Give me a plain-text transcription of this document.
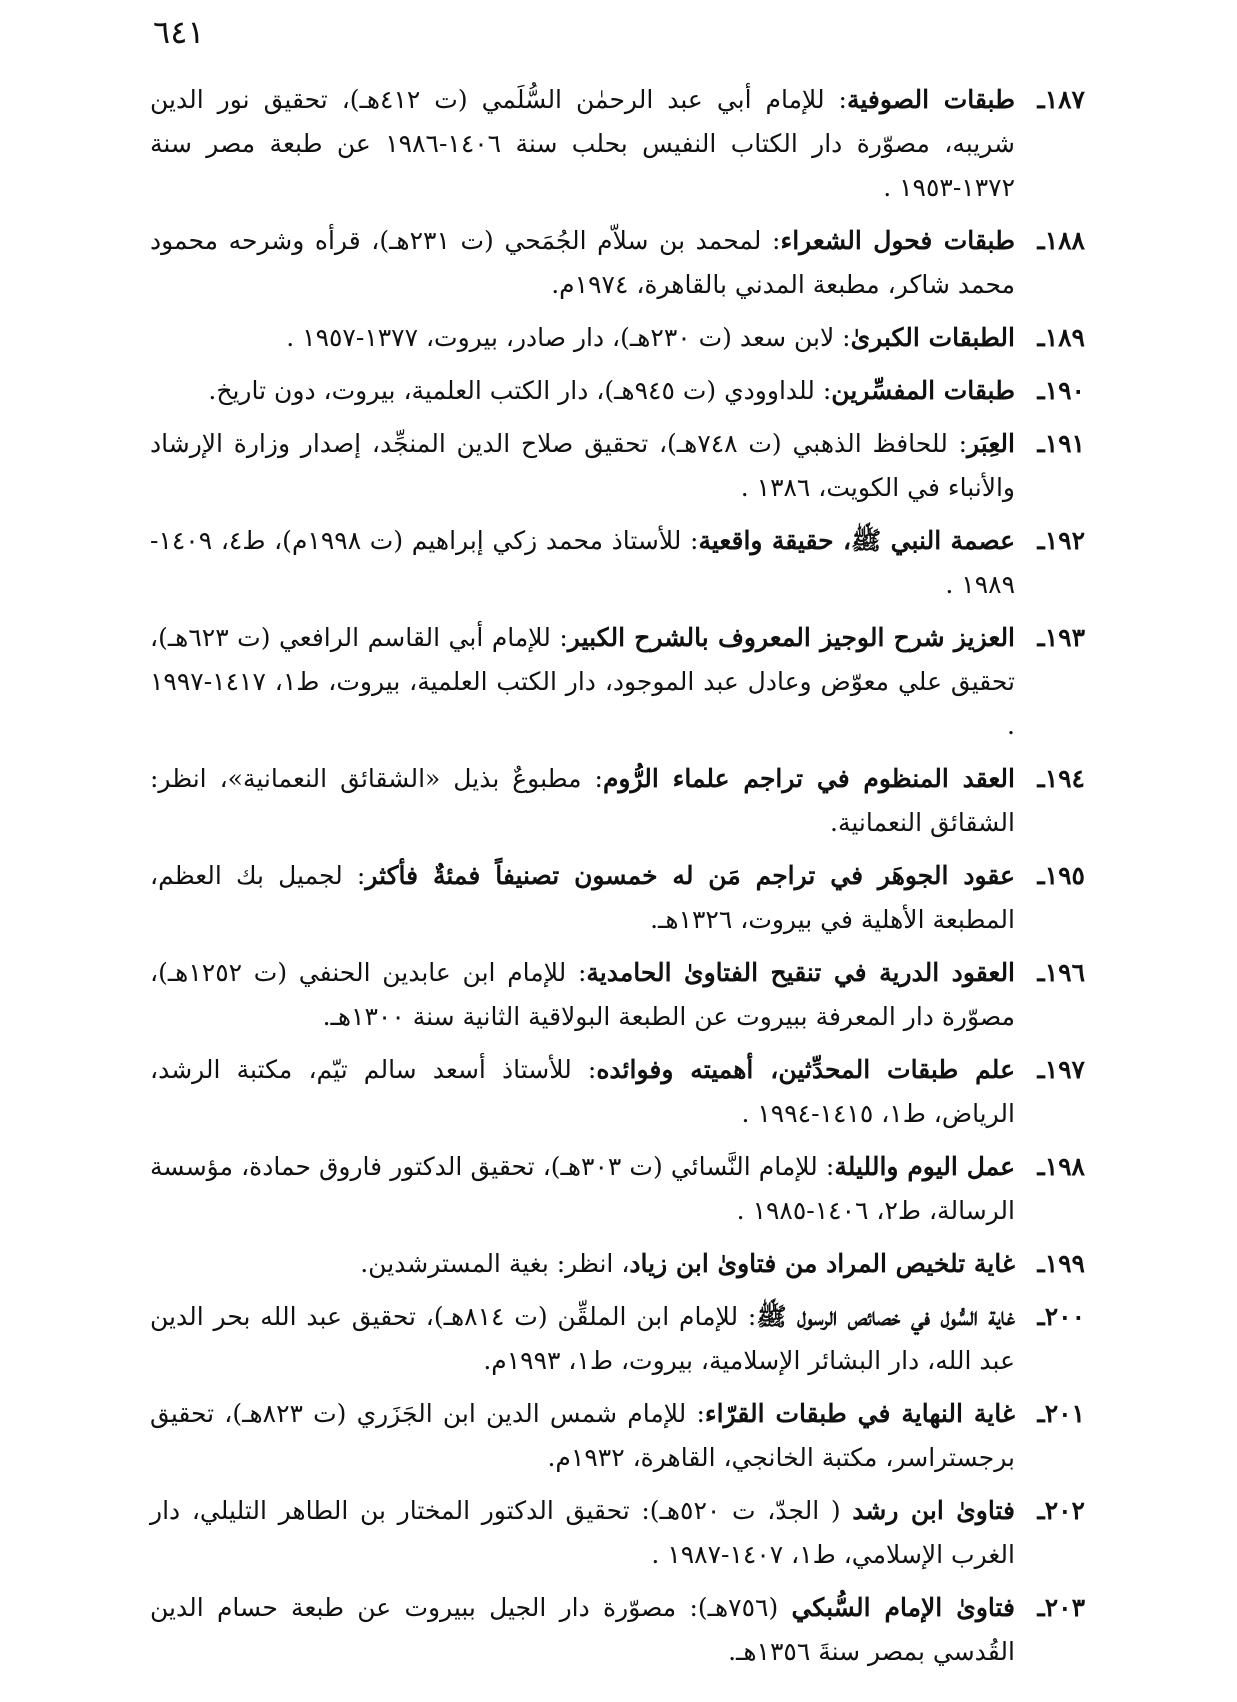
٦٤١

١٨٧ـطبقات الصوفية: للإمام أبي عبد الرحمٰن السُّلَمي (ت ٤١٢هـ)، تحقيق نور الدين شريبه، مصوّرة دار الكتاب النفيس بحلب سنة ١٤٠٦-١٩٨٦ عن طبعة مصر سنة ١٣٧٢-١٩٥٣ .

١٨٨ـطبقات فحول الشعراء: لمحمد بن سلاّم الجُمَحي (ت ٢٣١هـ)، قرأه وشرحه محمود محمد شاكر، مطبعة المدني بالقاهرة، ١٩٧٤م.

١٨٩ـالطبقات الكبرىٰ: لابن سعد (ت ٢٣٠هـ)، دار صادر، بيروت، ١٣٧٧-١٩٥٧ .

١٩٠ـطبقات المفسِّرين: للداوودي (ت ٩٤٥هـ)، دار الكتب العلمية، بيروت، دون تاريخ.

١٩١ـالعِبَر: للحافظ الذهبي (ت ٧٤٨هـ)، تحقيق صلاح الدين المنجِّد، إصدار وزارة الإرشاد والأنباء في الكويت، ١٣٨٦ .

١٩٢ـعصمة النبي ﷺ، حقيقة واقعية: للأستاذ محمد زكي إبراهيم (ت ١٩٩٨م)، ط٤، ١٤٠٩- ١٩٨٩ .

١٩٣ـالعزيز شرح الوجيز المعروف بالشرح الكبير: للإمام أبي القاسم الرافعي (ت ٦٢٣هـ)، تحقيق علي معوّض وعادل عبد الموجود، دار الكتب العلمية، بيروت، ط١، ١٤١٧-١٩٩٧ .

١٩٤ـالعقد المنظوم في تراجم علماء الرُّوم: مطبوعٌ بذيل «الشقائق النعمانية»، انظر: الشقائق النعمانية.

١٩٥ـعقود الجوهَر في تراجم مَن له خمسون تصنيفاً فمئةٌ فأكثر: لجميل بك العظم، المطبعة الأهلية في بيروت، ١٣٢٦هـ.

١٩٦ـالعقود الدرية في تنقيح الفتاوىٰ الحامدية: للإمام ابن عابدين الحنفي (ت ١٢٥٢هـ)، مصوّرة دار المعرفة ببيروت عن الطبعة البولاقية الثانية سنة ١٣٠٠هـ.

١٩٧ـعلم طبقات المحدِّثين، أهميته وفوائده: للأستاذ أسعد سالم تيّم، مكتبة الرشد، الرياض، ط١، ١٤١٥-١٩٩٤ .

١٩٨ـعمل اليوم والليلة: للإمام النَّسائي (ت ٣٠٣هـ)، تحقيق الدكتور فاروق حمادة، مؤسسة الرسالة، ط٢، ١٤٠٦-١٩٨٥ .

١٩٩ـغاية تلخيص المراد من فتاوىٰ ابن زياد، انظر: بغية المسترشدين.

٢٠٠ـغاية السُّول في خصائص الرسول ﷺ: للإمام ابن الملقِّن (ت ٨١٤هـ)، تحقيق عبد الله بحر الدين عبد الله، دار البشائر الإسلامية، بيروت، ط١، ١٩٩٣م.

٢٠١ـغاية النهاية في طبقات القرّاء: للإمام شمس الدين ابن الجَزَري (ت ٨٢٣هـ)، تحقيق برجستراسر، مكتبة الخانجي، القاهرة، ١٩٣٢م.

٢٠٢ـفتاوىٰ ابن رشد ( الجدّ، ت ٥٢٠هـ): تحقيق الدكتور المختار بن الطاهر التليلي، دار الغرب الإسلامي، ط١، ١٤٠٧-١٩٨٧ .

٢٠٣ـفتاوىٰ الإمام السُّبكي (٧٥٦هـ): مصوّرة دار الجيل ببيروت عن طبعة حسام الدين القُدسي بمصر سنةَ ١٣٥٦هـ.
